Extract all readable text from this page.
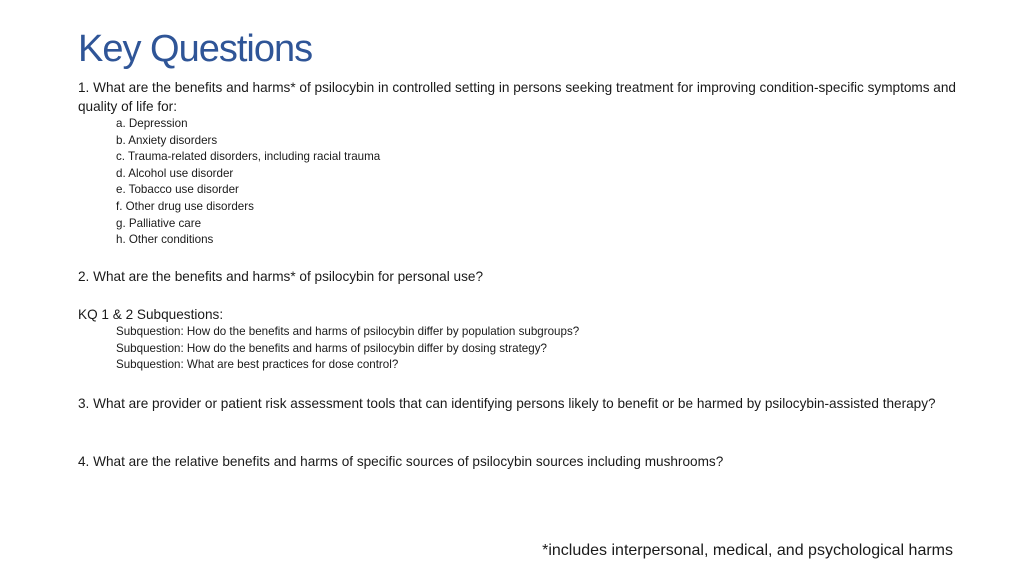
Key Questions
1. What are the benefits and harms* of psilocybin in controlled setting in persons seeking treatment for improving condition-specific symptoms and quality of life for:
a. Depression
b. Anxiety disorders
c. Trauma-related disorders, including racial trauma
d. Alcohol use disorder
e. Tobacco use disorder
f. Other drug use disorders
g. Palliative care
h. Other conditions
2. What are the benefits and harms* of psilocybin for personal use?
KQ 1 & 2 Subquestions:
Subquestion: How do the benefits and harms of psilocybin differ by population subgroups?
Subquestion: How do the benefits and harms of psilocybin differ by dosing strategy?
Subquestion: What are best practices for dose control?
3. What are provider or patient risk assessment tools that can identifying persons likely to benefit or be harmed by psilocybin-assisted therapy?
4. What are the relative benefits and harms of specific sources of psilocybin sources including mushrooms?
*includes interpersonal, medical, and psychological harms
